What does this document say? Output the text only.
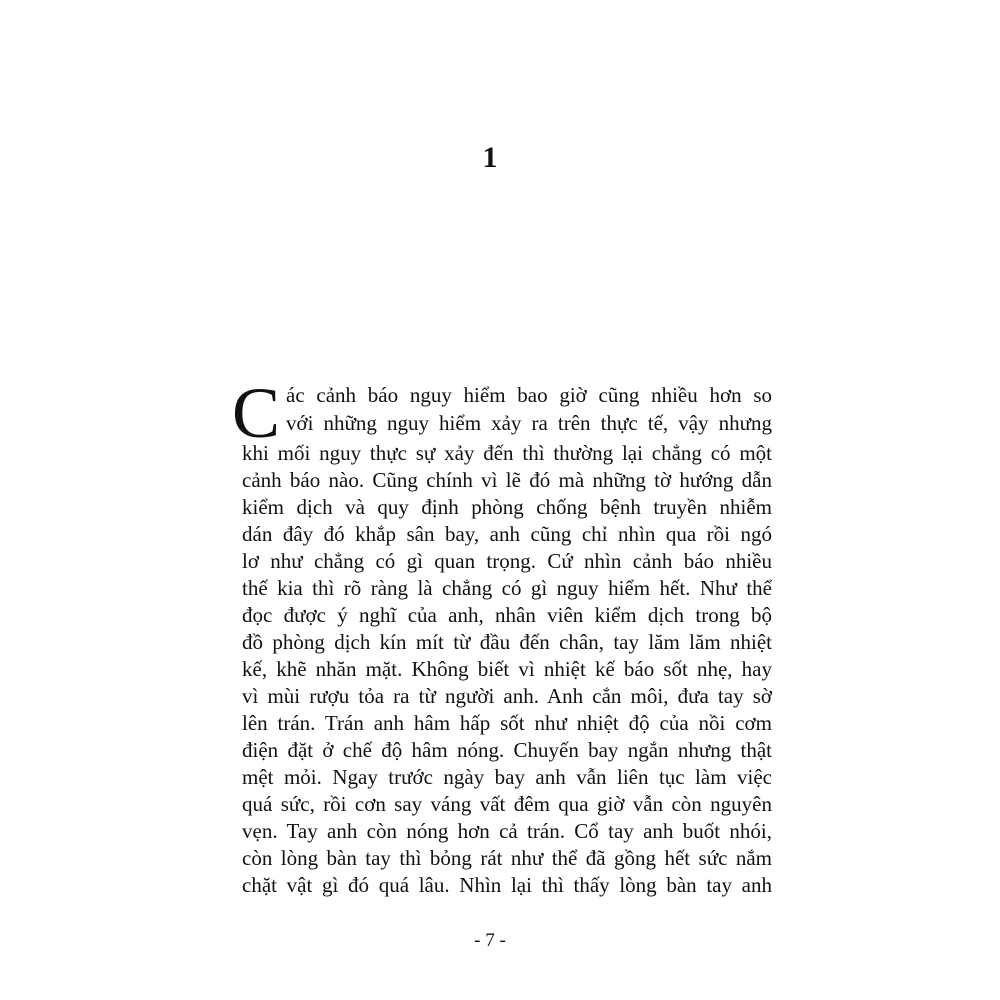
1
C ác cảnh báo nguy hiểm bao giờ cũng nhiều hơn so
với những nguy hiểm xảy ra trên thực tế, vậy nhưng
khi mối nguy thực sự xảy đến thì thường lại chẳng có một
cảnh báo nào. Cũng chính vì lẽ đó mà những tờ hướng dẫn
kiểm dịch và quy định phòng chống bệnh truyền nhiễm
dán đây đó khắp sân bay, anh cũng chỉ nhìn qua rồi ngó
lơ như chẳng có gì quan trọng. Cứ nhìn cảnh báo nhiều
thế kia thì rõ ràng là chẳng có gì nguy hiểm hết. Như thể
đọc được ý nghĩ của anh, nhân viên kiểm dịch trong bộ
đồ phòng dịch kín mít từ đầu đến chân, tay lăm lăm nhiệt
kế, khẽ nhăn mặt. Không biết vì nhiệt kế báo sốt nhẹ, hay
vì mùi rượu tỏa ra từ người anh. Anh cắn môi, đưa tay sờ
lên trán. Trán anh hâm hấp sốt như nhiệt độ của nồi cơm
điện đặt ở chế độ hâm nóng. Chuyến bay ngắn nhưng thật
mệt mỏi. Ngay trước ngày bay anh vẫn liên tục làm việc
quá sức, rồi cơn say váng vất đêm qua giờ vẫn còn nguyên
vẹn. Tay anh còn nóng hơn cả trán. Cổ tay anh buốt nhói,
còn lòng bàn tay thì bỏng rát như thể đã gồng hết sức nắm
chặt vật gì đó quá lâu. Nhìn lại thì thấy lòng bàn tay anh
- 7 -
